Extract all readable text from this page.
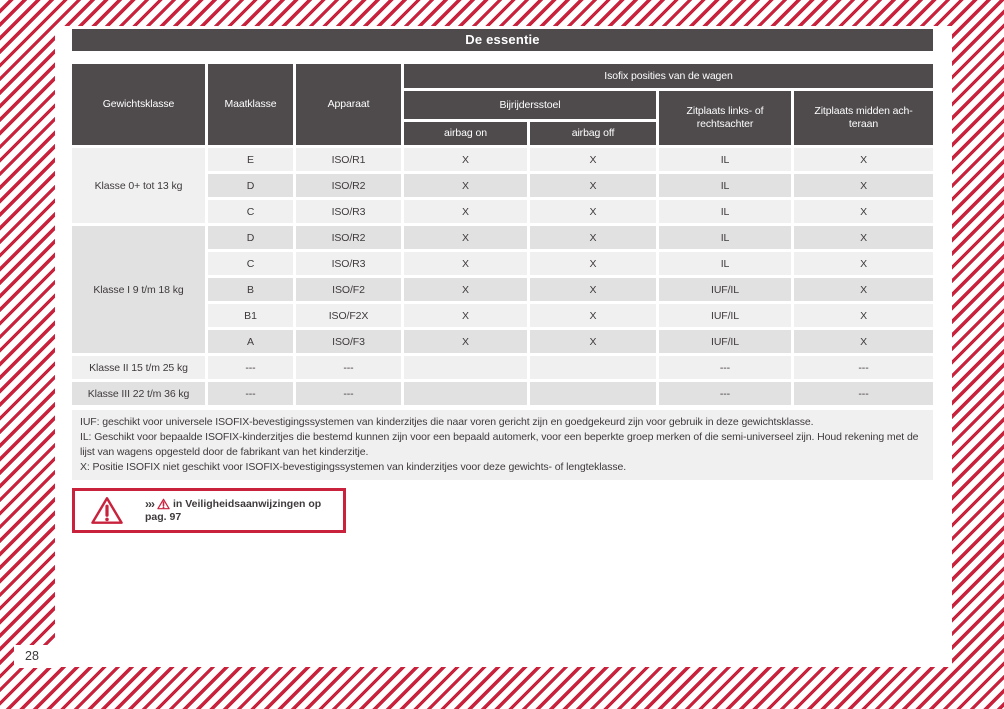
De essentie
Gewichtsklasse	Maatklasse	Apparaat	Isofix posities van de wagen			
			Bijrijdersstoel		Zitplaats links- of
rechtsachter	Zitplaats midden ach-
teraan

			airbag on	airbag off		
Klasse 0+ tot 13 kg	E	ISO/R1	X	X	IL	X
	D	ISO/R2	X	X	IL	X
	C	ISO/R3	X	X	IL	X
Klasse I 9 t/m 18 kg	D	ISO/R2	X	X	IL	X
	C	ISO/R3	X	X	IL	X
	B	ISO/F2	X	X	IUF/IL	X
	B1	ISO/F2X	X	X	IUF/IL	X
	A	ISO/F3	X	X	IUF/IL	X
Klasse II 15 t/m 25 kg	---	---			---	---
Klasse III 22 t/m 36 kg	---	---			---	---
IUF: geschikt voor universele ISOFIX-bevestigingssystemen van kinderzitjes die naar voren gericht zijn en goedgekeurd zijn voor gebruik in deze gewichtsklasse.
IL: Geschikt voor bepaalde ISOFIX-kinderzitjes die bestemd kunnen zijn voor een bepaald automerk, voor een beperkte groep merken of die semi-universeel zijn. Houd rekening met de lijst van wagens opgesteld door de fabrikant van het kinderzitje.
X: Positie ISOFIX niet geschikt voor ISOFIX-bevestigingssystemen van kinderzitjes voor deze gewichts- of lengteklasse.
››› in Veiligheidsaanwijzingen op
pag. 97
28
